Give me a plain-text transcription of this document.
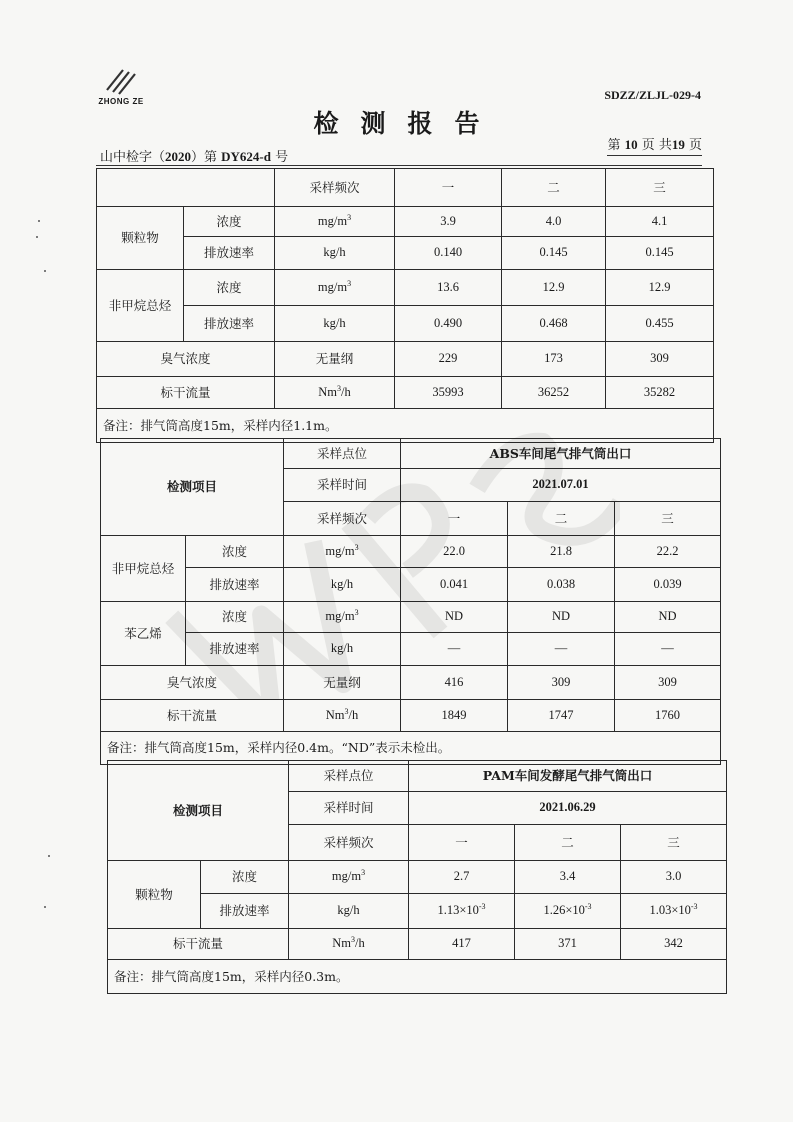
ZHONG ZE	SDZZ/ZLJL-029-4
检测报告
山中检字（2020）第 DY624-d 号
第 10 页 共19 页
		采样频次	一	二	三
颗粒物	浓度	$mg/m^3$	3.9	4.0	4.1
	排放速率	kg/h	0.140	0.145	0.145
非甲烷总烃	浓度	$mg/m^3$	13.6	12.9	12.9
	排放速率	kg/h	0.490	0.468	0.455
臭气浓度		无量纲	229	173	309
标干流量		Nm$^3$/h	35993	36252	35282
备注：排气筒高度15m，采样内径1.1m。					
检测项目		采样点位	ABS车间尾气排气筒出口		
		采样时间	2021.07.01		
		采样频次	一	二	三
非甲烷总烃	浓度	$mg/m^3$	22.0	21.8	22.2
	排放速率	kg/h	0.041	0.038	0.039
苯乙烯	浓度	$mg/m^3$	ND	ND	ND
	排放速率	kg/h	—	—	—
臭气浓度		无量纲	416	309	309
标干流量		Nm$^3$/h	1849	1747	1760
备注：排气筒高度15m，采样内径0.4m。“ND”表示未检出。					
检测项目		采样点位	PAM车间发酵尾气排气筒出口		
		采样时间	2021.06.29		
		采样频次	一	二	三
颗粒物	浓度	$mg/m^3$	2.7	3.4	3.0
	排放速率	kg/h	$1.13\times 10^{-3}$	$1.26\times 10^{-3}$	$1.03\times 10^{-3}$
标干流量		Nm$^3$/h	417	371	342
备注：排气筒高度15m，采样内径0.3m。					
